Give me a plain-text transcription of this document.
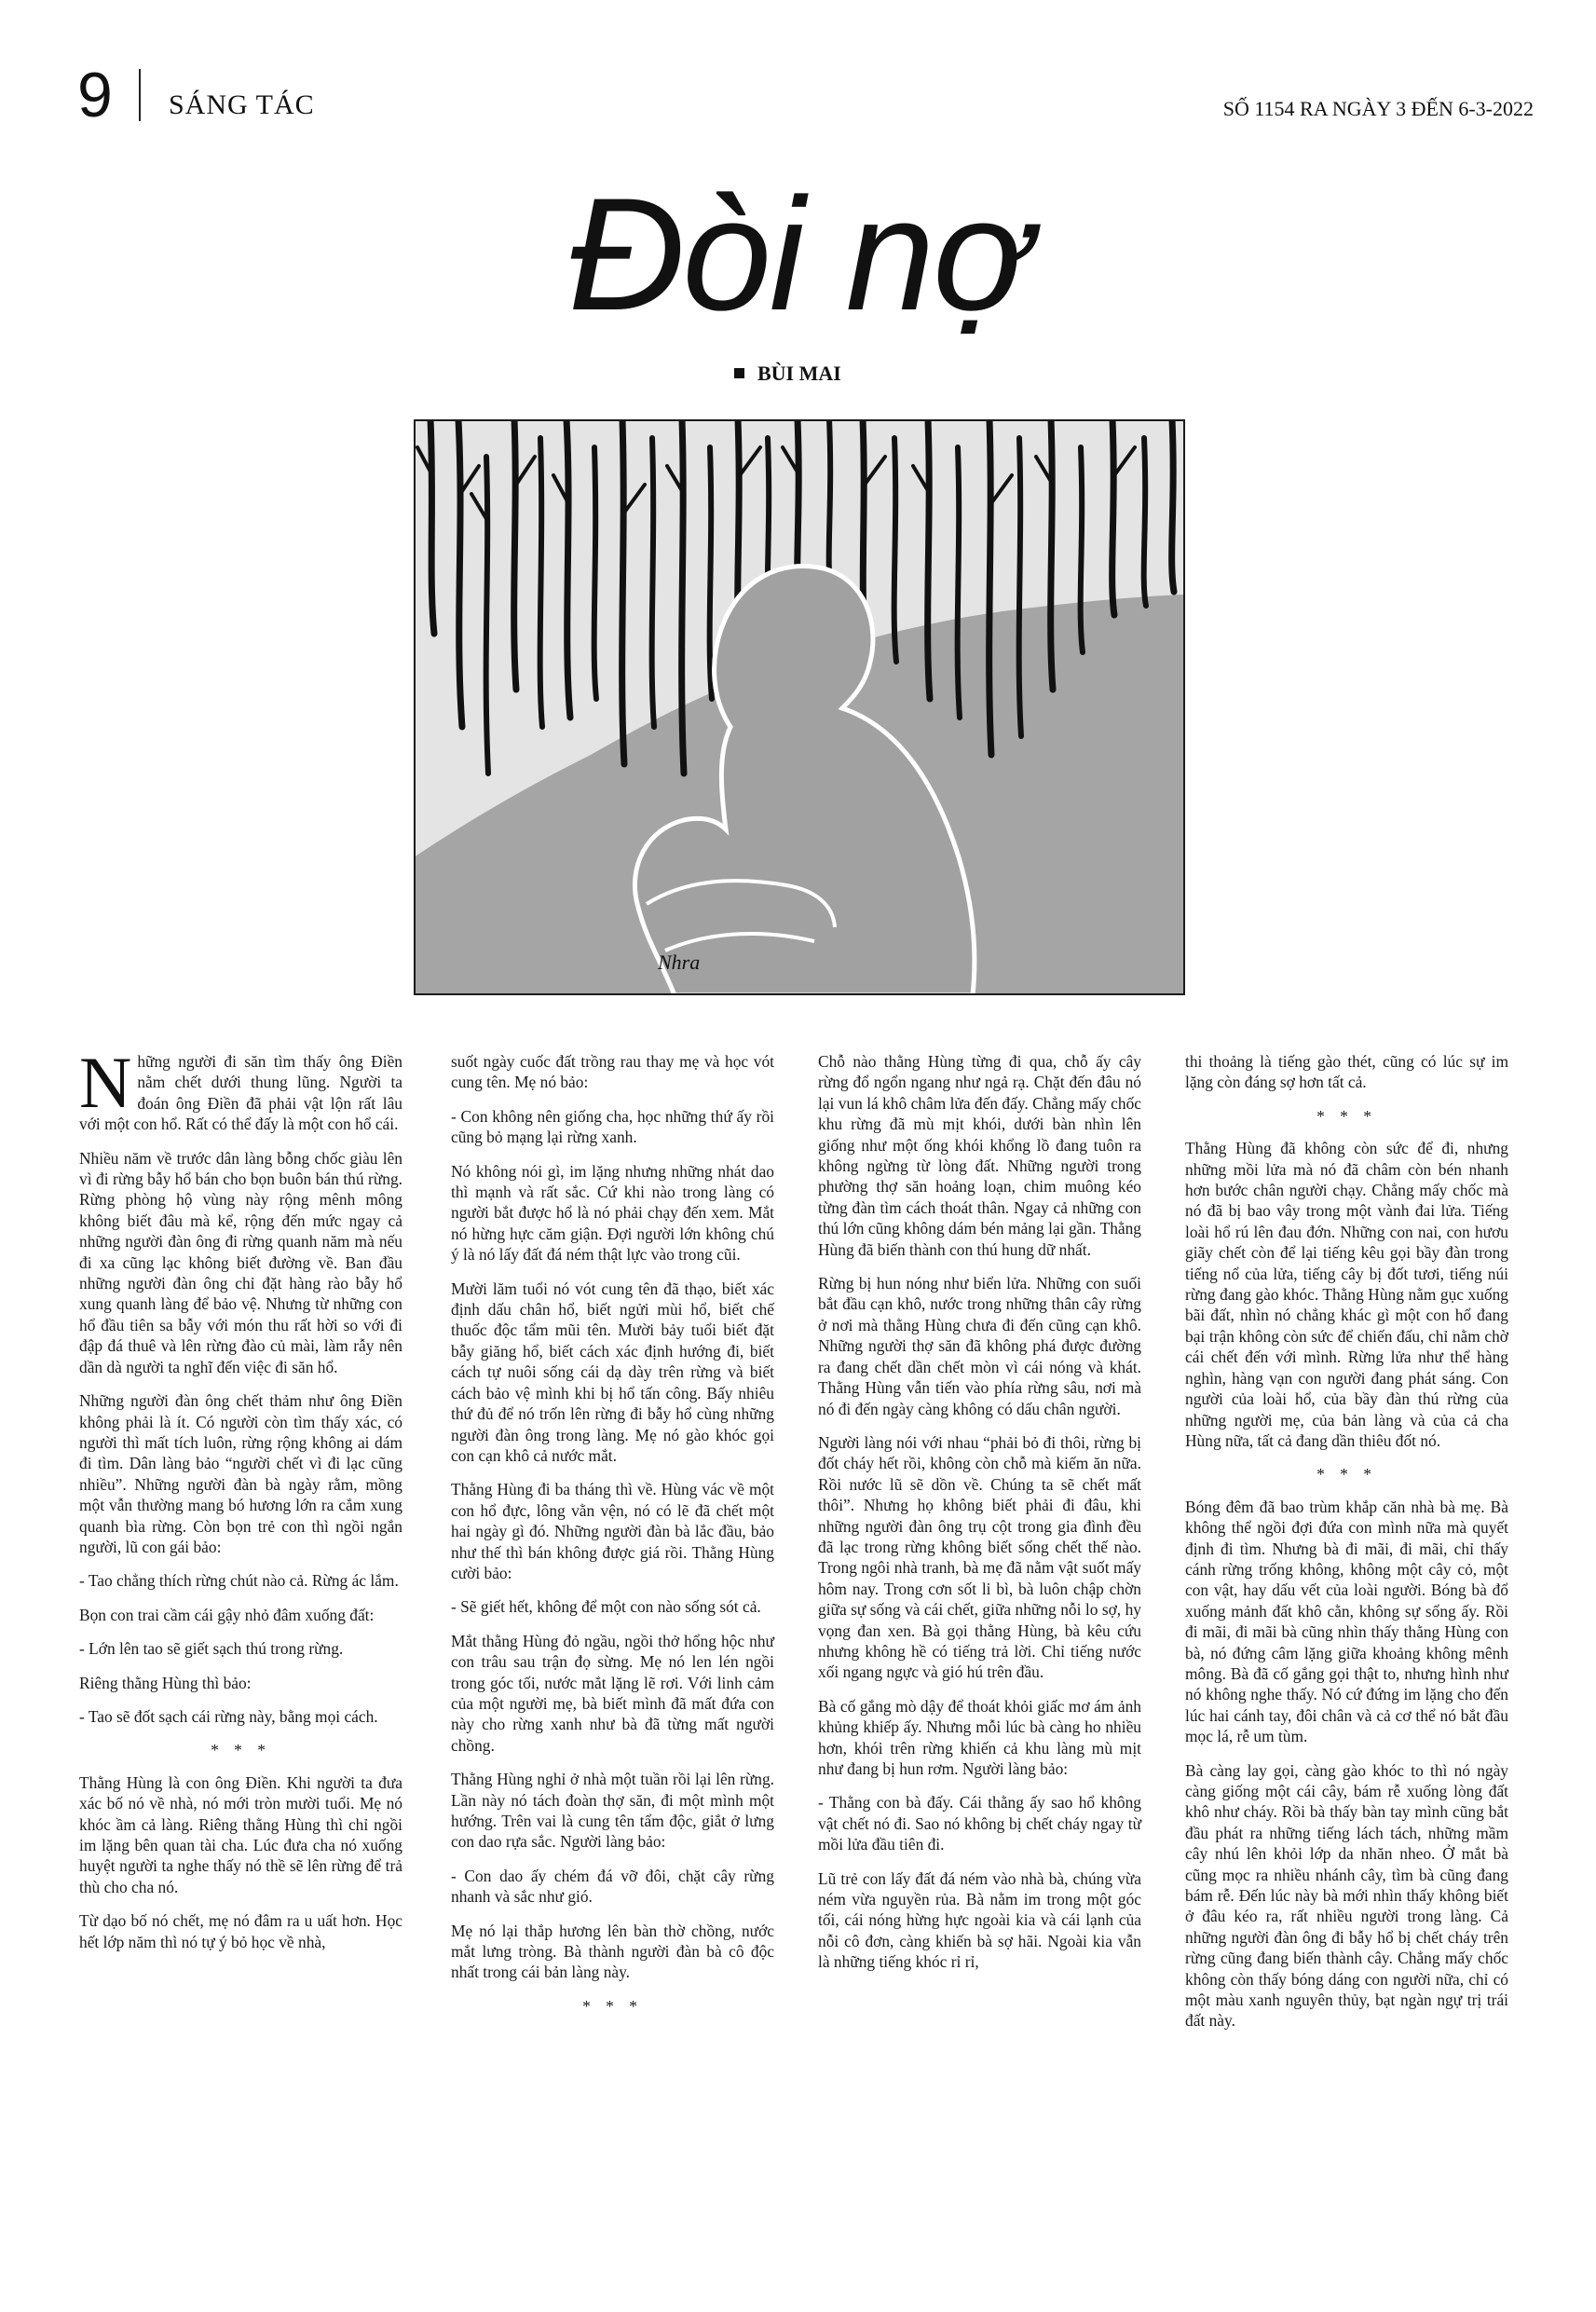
9 SÁNG TÁC	SỐ 1154 RA NGÀY 3 ĐẾN 6-3-2022
Đòi nợ
BÙI MAI
Nhra

Những người đi săn tìm thấy ông Điền nằm chết dưới thung lũng. Người ta đoán ông Điền đã phải vật lộn rất lâu với một con hổ. Rất có thể đấy là một con hổ cái.

Nhiều năm về trước dân làng bỗng chốc giàu lên vì đi rừng bẫy hổ bán cho bọn buôn bán thú rừng. Rừng phòng hộ vùng này rộng mênh mông không biết đâu mà kể, rộng đến mức ngay cả những người đàn ông đi rừng quanh năm mà nếu đi xa cũng lạc không biết đường về. Ban đầu những người đàn ông chỉ đặt hàng rào bẫy hổ xung quanh làng để bảo vệ. Nhưng từ những con hổ đầu tiên sa bẫy với món thu rất hời so với đi đập đá thuê và lên rừng đào củ mài, làm rẫy nên dần dà người ta nghĩ đến việc đi săn hổ.

Những người đàn ông chết thảm như ông Điền không phải là ít. Có người còn tìm thấy xác, có người thì mất tích luôn, rừng rộng không ai dám đi tìm. Dân làng bảo “người chết vì đi lạc cũng nhiều”. Những người đàn bà ngày rằm, mồng một vẫn thường mang bó hương lớn ra cắm xung quanh bìa rừng. Còn bọn trẻ con thì ngồi ngắn người, lũ con gái bảo:

- Tao chẳng thích rừng chút nào cả. Rừng ác lắm.

Bọn con trai cầm cái gậy nhỏ đâm xuống đất:

- Lớn lên tao sẽ giết sạch thú trong rừng.

Riêng thằng Hùng thì bảo:

- Tao sẽ đốt sạch cái rừng này, bằng mọi cách.

* * *

Thằng Hùng là con ông Điền. Khi người ta đưa xác bố nó về nhà, nó mới tròn mười tuổi. Mẹ nó khóc ầm cả làng. Riêng thằng Hùng thì chỉ ngồi im lặng bên quan tài cha. Lúc đưa cha nó xuống huyệt người ta nghe thấy nó thề sẽ lên rừng để trả thù cho cha nó.

Từ dạo bố nó chết, mẹ nó đâm ra u uất hơn. Học hết lớp năm thì nó tự ý bỏ học về nhà,

suốt ngày cuốc đất trồng rau thay mẹ và học vót cung tên. Mẹ nó bảo:

- Con không nên giống cha, học những thứ ấy rồi cũng bỏ mạng lại rừng xanh.

Nó không nói gì, im lặng nhưng những nhát dao thì mạnh và rất sắc. Cứ khi nào trong làng có người bắt được hổ là nó phải chạy đến xem. Mắt nó hừng hực căm giận. Đợi người lớn không chú ý là nó lấy đất đá ném thật lực vào trong cũi.

Mười lăm tuổi nó vót cung tên đã thạo, biết xác định dấu chân hổ, biết ngửi mùi hổ, biết chế thuốc độc tẩm mũi tên. Mười bảy tuổi biết đặt bẫy giăng hổ, biết cách xác định hướng đi, biết cách tự nuôi sống cái dạ dày trên rừng và biết cách bảo vệ mình khi bị hổ tấn công. Bấy nhiêu thứ đủ để nó trốn lên rừng đi bẫy hổ cùng những người đàn ông trong làng. Mẹ nó gào khóc gọi con cạn khô cả nước mắt.

Thằng Hùng đi ba tháng thì về. Hùng vác về một con hổ đực, lông vằn vện, nó có lẽ đã chết một hai ngày gì đó. Những người đàn bà lắc đầu, bảo như thế thì bán không được giá rồi. Thằng Hùng cười bảo:

- Sẽ giết hết, không để một con nào sống sót cả.

Mắt thằng Hùng đỏ ngầu, ngồi thở hổng hộc như con trâu sau trận đọ sừng. Mẹ nó len lén ngồi trong góc tối, nước mắt lặng lẽ rơi. Với linh cảm của một người mẹ, bà biết mình đã mất đứa con này cho rừng xanh như bà đã từng mất người chồng.

Thằng Hùng nghỉ ở nhà một tuần rồi lại lên rừng. Lần này nó tách đoàn thợ săn, đi một mình một hướng. Trên vai là cung tên tẩm độc, giắt ở lưng con dao rựa sắc. Người làng bảo:

- Con dao ấy chém đá vỡ đôi, chặt cây rừng nhanh và sắc như gió.

Mẹ nó lại thắp hương lên bàn thờ chồng, nước mắt lưng tròng. Bà thành người đàn bà cô độc nhất trong cái bản làng này.

* * *

Chỗ nào thằng Hùng từng đi qua, chỗ ấy cây rừng đổ ngổn ngang như ngả rạ. Chặt đến đâu nó lại vun lá khô châm lửa đến đấy. Chẳng mấy chốc khu rừng đã mù mịt khói, dưới bàn nhìn lên giống như một ống khói khổng lồ đang tuôn ra không ngừng từ lòng đất. Những người trong phường thợ săn hoảng loạn, chim muông kéo từng đàn tìm cách thoát thân. Ngay cả những con thú lớn cũng không dám bén mảng lại gần. Thằng Hùng đã biến thành con thú hung dữ nhất.

Rừng bị hun nóng như biển lửa. Những con suối bắt đầu cạn khô, nước trong những thân cây rừng ở nơi mà thằng Hùng chưa đi đến cũng cạn khô. Những người thợ săn đã không phá được đường ra đang chết dần chết mòn vì cái nóng và khát. Thằng Hùng vẫn tiến vào phía rừng sâu, nơi mà nó đi đến ngày càng không có dấu chân người.

Người làng nói với nhau “phải bỏ đi thôi, rừng bị đốt cháy hết rồi, không còn chỗ mà kiếm ăn nữa. Rồi nước lũ sẽ dồn về. Chúng ta sẽ chết mất thôi”. Nhưng họ không biết phải đi đâu, khi những người đàn ông trụ cột trong gia đình đều đã lạc trong rừng không biết sống chết thế nào. Trong ngôi nhà tranh, bà mẹ đã nằm vật suốt mấy hôm nay. Trong cơn sốt li bì, bà luôn chập chờn giữa sự sống và cái chết, giữa những nỗi lo sợ, hy vọng đan xen. Bà gọi thằng Hùng, bà kêu cứu nhưng không hề có tiếng trả lời. Chỉ tiếng nước xối ngang ngực và gió hú trên đầu.

Bà cố gắng mò dậy để thoát khỏi giấc mơ ám ảnh khủng khiếp ấy. Nhưng mỗi lúc bà càng ho nhiều hơn, khói trên rừng khiến cả khu làng mù mịt như đang bị hun rơm. Người làng bảo:

- Thằng con bà đấy. Cái thằng ấy sao hổ không vật chết nó đi. Sao nó không bị chết cháy ngay từ mồi lửa đầu tiên đi.

Lũ trẻ con lấy đất đá ném vào nhà bà, chúng vừa ném vừa nguyền rủa. Bà nằm im trong một góc tối, cái nóng hừng hực ngoài kia và cái lạnh của nỗi cô đơn, càng khiến bà sợ hãi. Ngoài kia vẫn là những tiếng khóc rỉ rỉ,

thi thoảng là tiếng gào thét, cũng có lúc sự im lặng còn đáng sợ hơn tất cả.

* * *

Thằng Hùng đã không còn sức để đi, nhưng những mồi lửa mà nó đã châm còn bén nhanh hơn bước chân người chạy. Chẳng mấy chốc mà nó đã bị bao vây trong một vành đai lửa. Tiếng loài hổ rú lên đau đớn. Những con nai, con hươu giãy chết còn để lại tiếng kêu gọi bầy đàn trong tiếng nổ của lửa, tiếng cây bị đốt tươi, tiếng núi rừng đang gào khóc. Thằng Hùng nằm gục xuống bãi đất, nhìn nó chẳng khác gì một con hổ đang bại trận không còn sức để chiến đấu, chỉ nằm chờ cái chết đến với mình. Rừng lửa như thể hàng nghìn, hàng vạn con người đang phát sáng. Con người của loài hổ, của bầy đàn thú rừng của những người mẹ, của bản làng và của cả cha Hùng nữa, tất cả đang dần thiêu đốt nó.

* * *

Bóng đêm đã bao trùm khắp căn nhà bà mẹ. Bà không thể ngồi đợi đứa con mình nữa mà quyết định đi tìm. Nhưng bà đi mãi, đi mãi, chỉ thấy cánh rừng trống không, không một cây cỏ, một con vật, hay dấu vết của loài người. Bóng bà đổ xuống mảnh đất khô cằn, không sự sống ấy. Rồi đi mãi, đi mãi bà cũng nhìn thấy thằng Hùng con bà, nó đứng câm lặng giữa khoảng không mênh mông. Bà đã cố gắng gọi thật to, nhưng hình như nó không nghe thấy. Nó cứ đứng im lặng cho đến lúc hai cánh tay, đôi chân và cả cơ thể nó bắt đầu mọc lá, rễ um tùm.

Bà càng lay gọi, càng gào khóc to thì nó ngày càng giống một cái cây, bám rễ xuống lòng đất khô như cháy. Rồi bà thấy bàn tay mình cũng bắt đầu phát ra những tiếng lách tách, những mầm cây nhú lên khỏi lớp da nhăn nheo. Ở mắt bà cũng mọc ra nhiều nhánh cây, tìm bà cũng đang bám rễ. Đến lúc này bà mới nhìn thấy không biết ở đâu kéo ra, rất nhiều người trong làng. Cả những người đàn ông đi bẫy hổ bị chết cháy trên rừng cũng đang biến thành cây. Chẳng mấy chốc không còn thấy bóng dáng con người nữa, chỉ có một màu xanh nguyên thủy, bạt ngàn ngự trị trái đất này.
